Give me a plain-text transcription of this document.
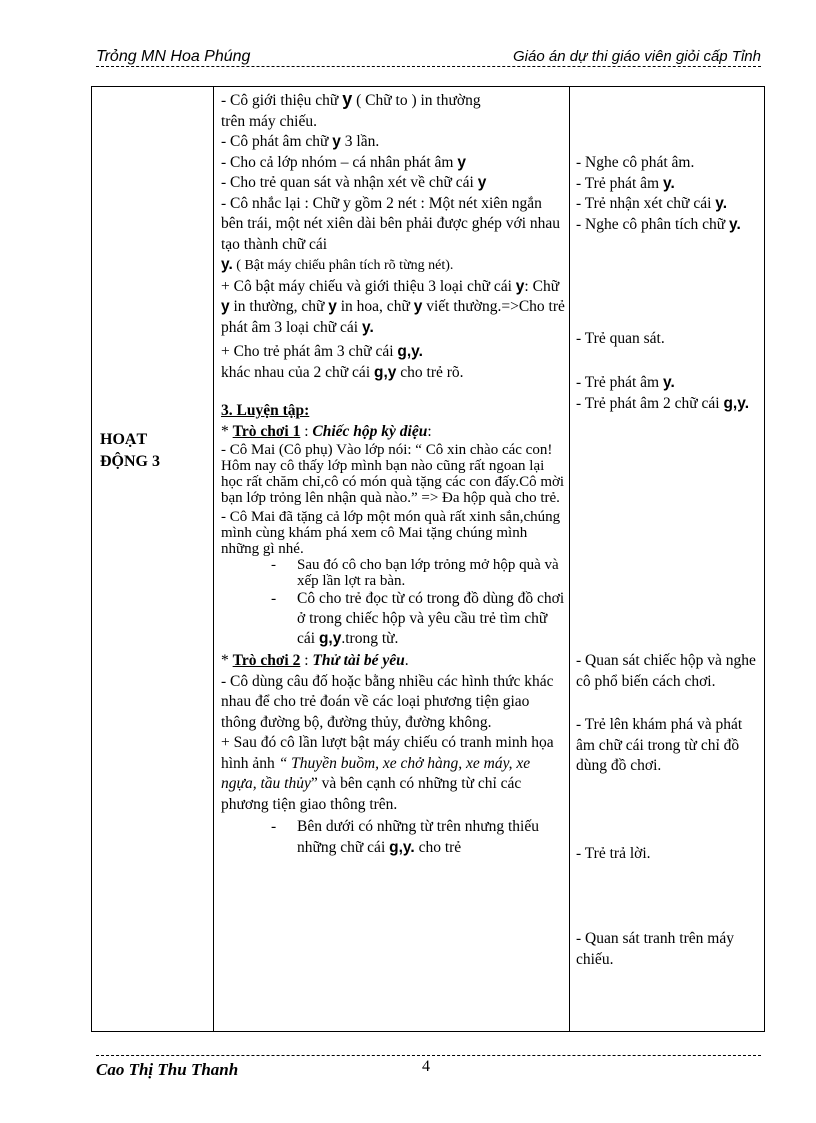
Trỏng MN Hoa Phúng	Giáo án dự thi giáo viên giỏi cấp Tỉnh
HOẠT
ĐỘNG 3

- Cô giới thiệu chữ y ( Chữ to ) in thường
trên máy chiếu.

- Cô phát âm chữ y 3 lần.

- Cho cả lớp nhóm – cá nhân phát âm y

- Cho trẻ quan sát và nhận xét về chữ cái y

- Cô nhắc lại : Chữ y gồm 2 nét : Một nét xiên ngắn bên trái, một nét xiên dài bên phải được ghép với nhau tạo thành chữ cái
y. ( Bật máy chiếu phân tích rõ từng nét).

+ Cô bật máy chiếu và giới thiệu 3 loại chữ cái y: Chữ y in thường, chữ y in hoa, chữ y viết thường.=>Cho trẻ phát âm 3 loại chữ cái y.

+ Cho trẻ phát âm 3 chữ cái g,y.
khác nhau của 2 chữ cái g,y cho trẻ rõ.

3. Luyện tập:

* Trò chơi 1 : Chiếc hộp kỳ diệu:

- Cô Mai (Cô phụ) Vào lớp nói: “ Cô xin chào các con! Hôm nay cô thấy lớp mình bạn nào cũng rất ngoan lại học rất chăm chỉ,cô có món quà tặng các con đấy.Cô mời bạn lớp trỏng lên nhận quà nào.” => Đa hộp quà cho trẻ.

- Cô Mai đã tặng cả lớp một món quà rất xinh sắn,chúng mình cùng khám phá xem cô Mai tặng chúng mình những gì nhé.

- Sau đó cô cho bạn lớp trỏng mở hộp quà và xếp lần lợt ra bàn.

- Cô cho trẻ đọc từ có trong đồ dùng đồ chơi ở trong chiếc hộp và yêu cầu trẻ tìm chữ cái g,y.trong từ.

* Trò chơi 2 : Thử tài bé yêu.

- Cô dùng câu đố hoặc bằng nhiều các hình thức khác nhau để cho trẻ đoán về các loại phương tiện giao thông đường bộ, đường thủy, đường không.

+ Sau đó cô lần lượt bật máy chiếu có tranh minh họa hình ảnh “ Thuyền buồm, xe chở hàng, xe máy, xe ngựa, tầu thủy” và bên cạnh có những từ chỉ các phương tiện giao thông trên.

- Bên dưới có những từ trên nhưng thiếu những chữ cái g,y. cho trẻ

- Nghe cô phát âm.
- Trẻ phát âm y.
- Trẻ nhận xét chữ cái y.
- Nghe cô phân tích chữ y.
- Trẻ quan sát.
- Trẻ phát âm y.
- Trẻ phát âm 2 chữ cái g,y.
- Quan sát chiếc hộp và nghe cô phổ biến cách chơi.
- Trẻ lên khám phá và phát âm chữ cái trong từ chỉ đồ dùng đồ chơi.
- Trẻ trả lời.
- Quan sát tranh trên máy chiếu.
Cao Thị Thu Thanh	4
